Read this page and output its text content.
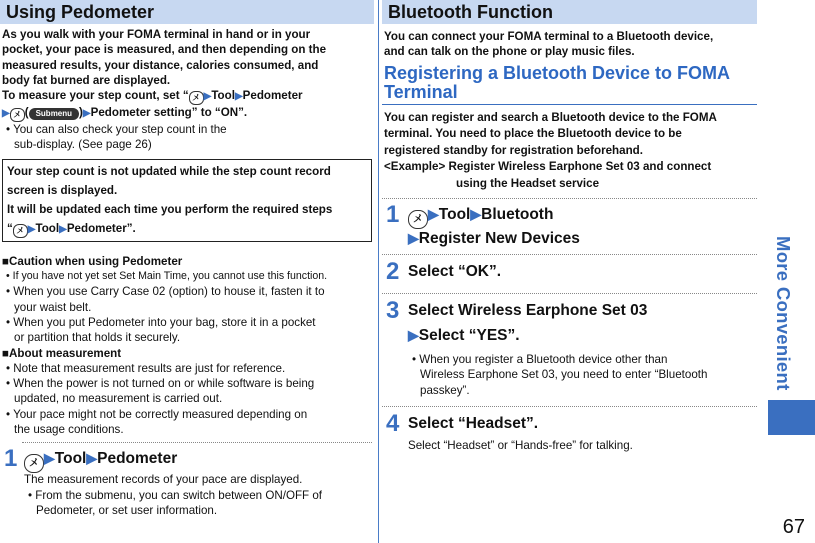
Using Pedometer
As you walk with your FOMA terminal in hand or in your
pocket, your pace is measured, and then depending on the
measured results, your distance, calories consumed, and
body fat burned are displayed.
To measure your step count, set “ メ ▶Tool▶Pedometer
▶ メ ( Submenu )▶Pedometer setting” to “ON”.
• You can also check your step count in the
sub-display. (See page 26)
Your step count is not updated while the step count record
screen is displayed.
It will be updated each time you perform the required steps
“ メ ▶Tool▶Pedometer”.
■Caution when using Pedometer
• If you have not yet set Set Main Time, you cannot use this function.
• When you use Carry Case 02 (option) to house it, fasten it to
your waist belt.
• When you put Pedometer into your bag, store it in a pocket
or partition that holds it securely.
■About measurement
• Note that measurement results are just for reference.
• When the power is not turned on or while software is being
updated, no measurement is carried out.
• Your pace might not be correctly measured depending on
the usage conditions.
1	メ ▶Tool▶Pedometer
The measurement records of your pace are displayed.
• From the submenu, you can switch between ON/OFF of
Pedometer, or set user information.
Bluetooth Function
You can connect your FOMA terminal to a Bluetooth device,
and can talk on the phone or play music files.
Registering a Bluetooth Device to FOMA
Terminal
You can register and search a Bluetooth device to the FOMA
terminal. You need to place the Bluetooth device to be
registered standby for registration beforehand.
<Example> Register Wireless Earphone Set 03 and connect
using the Headset service
1	メ ▶Tool▶Bluetooth
▶Register New Devices
2 Select “OK”.
3 Select Wireless Earphone Set 03
▶Select “YES”.
• When you register a Bluetooth device other than
Wireless Earphone Set 03, you need to enter “Bluetooth
passkey”.
4 Select “Headset”.
Select “Headset” or “Hands-free” for talking.
More Convenient
67
